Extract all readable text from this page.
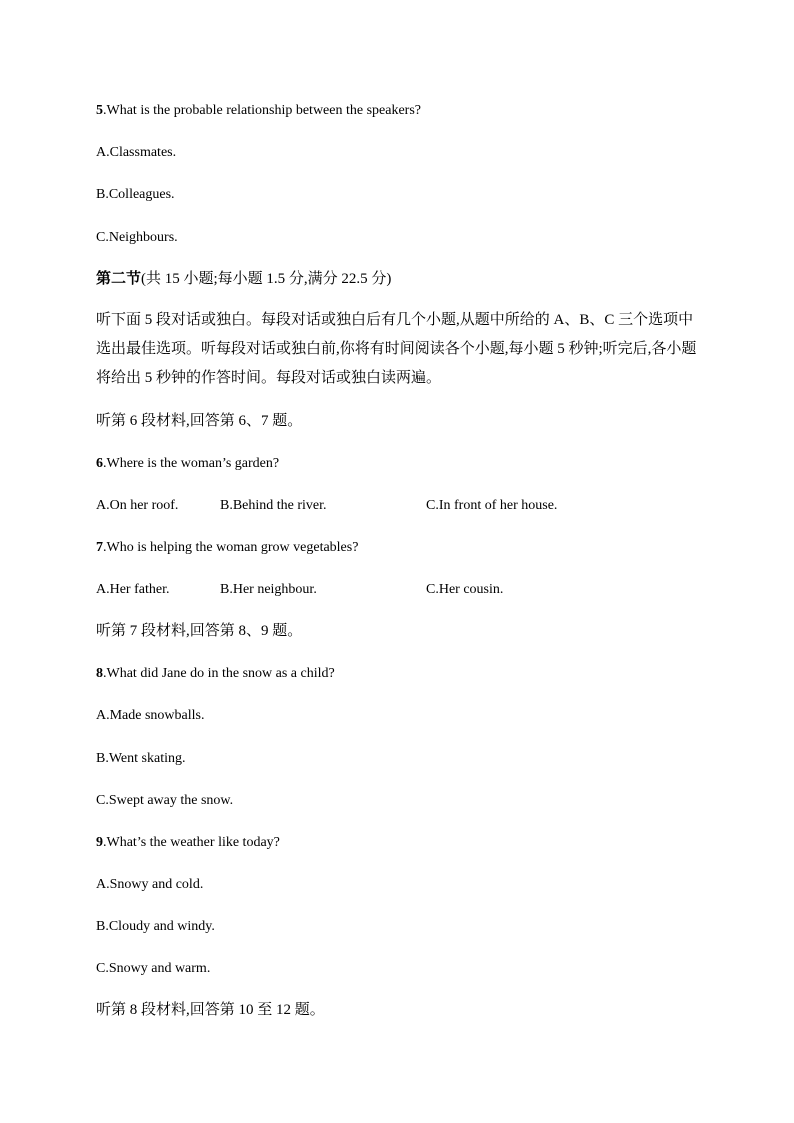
5.What is the probable relationship between the speakers?
A.Classmates.
B.Colleagues.
C.Neighbours.
第二节(共 15 小题;每小题 1.5 分,满分 22.5 分)
听下面 5 段对话或独白。每段对话或独白后有几个小题,从题中所给的 A、B、C 三个选项中选出最佳选项。听每段对话或独白前,你将有时间阅读各个小题,每小题 5 秒钟;听完后,各小题将给出 5 秒钟的作答时间。每段对话或独白读两遍。
听第 6 段材料,回答第 6、7 题。
6.Where is the woman’s garden?
A.On her roof.	B.Behind the river.	C.In front of her house.
7.Who is helping the woman grow vegetables?
A.Her father.	B.Her neighbour.	C.Her cousin.
听第 7 段材料,回答第 8、9 题。
8.What did Jane do in the snow as a child?
A.Made snowballs.
B.Went skating.
C.Swept away the snow.
9.What’s the weather like today?
A.Snowy and cold.
B.Cloudy and windy.
C.Snowy and warm.
听第 8 段材料,回答第 10 至 12 题。
